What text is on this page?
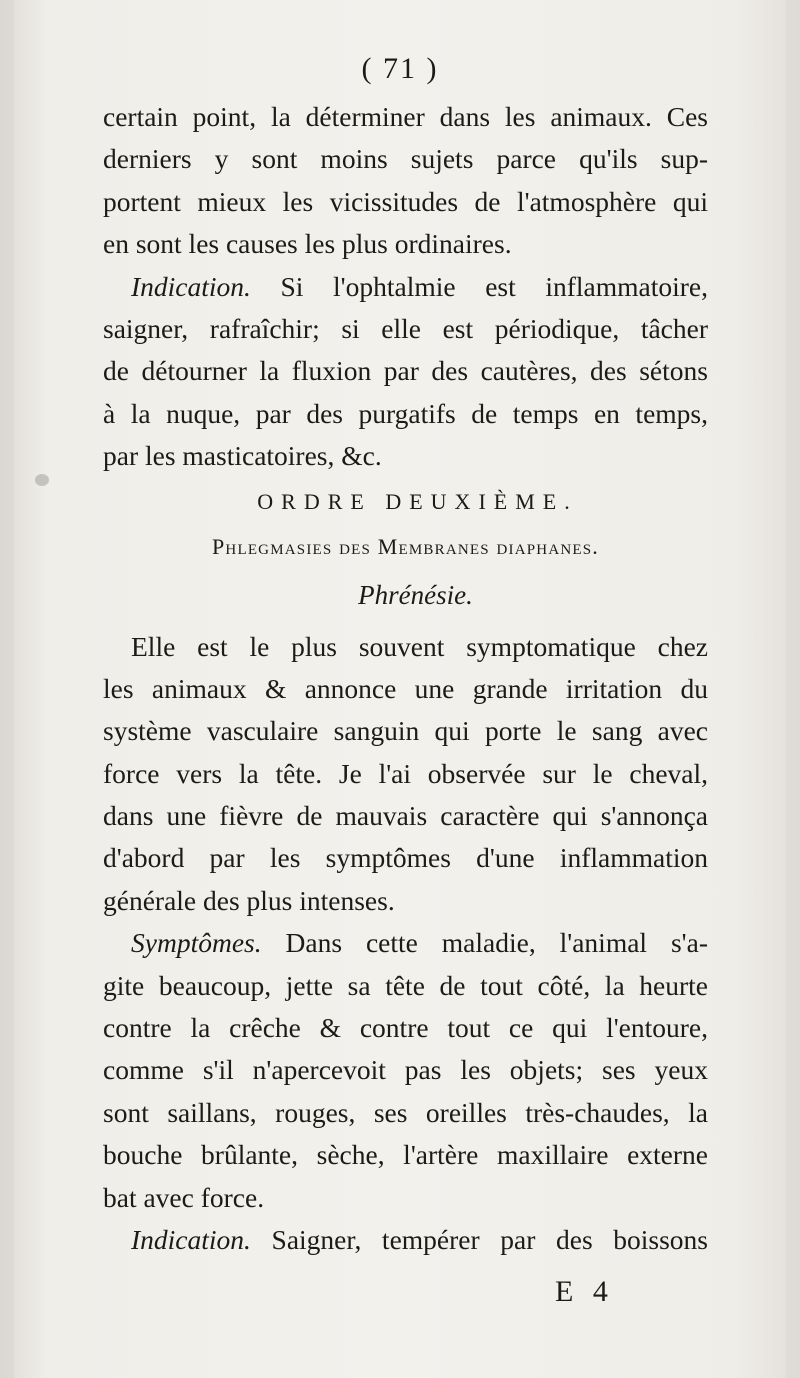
( 71 )
certain point, la déterminer dans les animaux. Ces
derniers y sont moins sujets parce qu'ils sup-
portent mieux les vicissitudes de l'atmosphère qui
en sont les causes les plus ordinaires.
Indication. Si l'ophtalmie est inflammatoire,
saigner, rafraîchir; si elle est périodique, tâcher
de détourner la fluxion par des cautères, des sétons
à la nuque, par des purgatifs de temps en temps,
par les masticatoires, &c.
ORDRE DEUXIÈME.
Phlegmasies des Membranes diaphanes.
Phrénésie.
Elle est le plus souvent symptomatique chez
les animaux & annonce une grande irritation du
système vasculaire sanguin qui porte le sang avec
force vers la tête. Je l'ai observée sur le cheval,
dans une fièvre de mauvais caractère qui s'annonça
d'abord par les symptômes d'une inflammation
générale des plus intenses.
Symptômes. Dans cette maladie, l'animal s'a-
gite beaucoup, jette sa tête de tout côté, la heurte
contre la crêche & contre tout ce qui l'entoure,
comme s'il n'apercevoit pas les objets; ses yeux
sont saillans, rouges, ses oreilles très-chaudes, la
bouche brûlante, sèche, l'artère maxillaire externe
bat avec force.
Indication. Saigner, tempérer par des boissons
E 4
